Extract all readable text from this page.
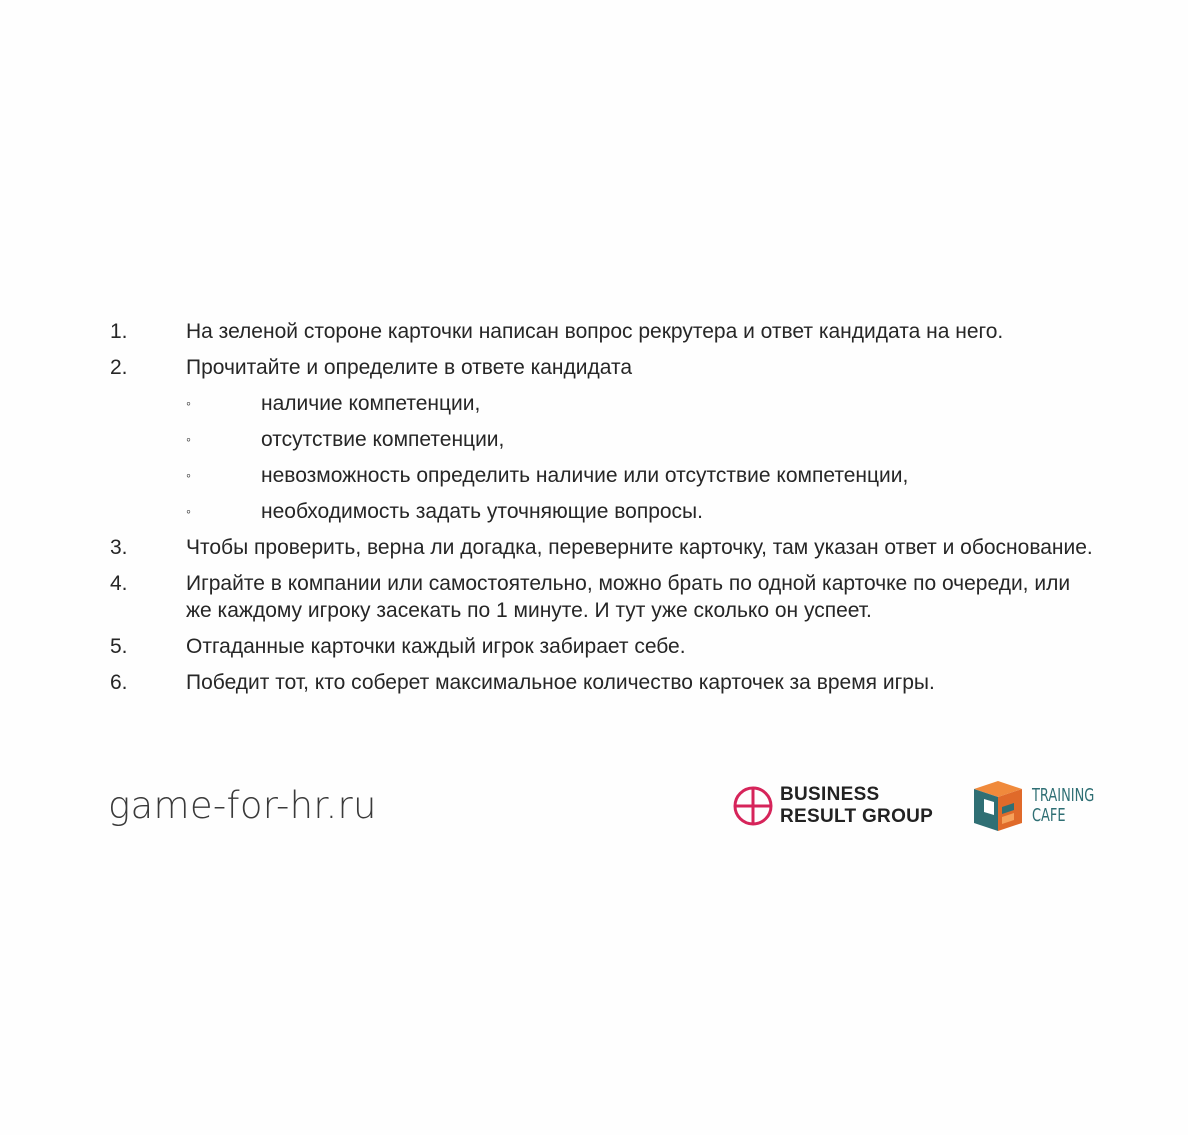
1.	На зеленой стороне карточки написан вопрос рекрутера и ответ кандидата на него.
2.	Прочитайте и определите в ответе кандидата
◦	наличие компетенции,
◦	отсутствие компетенции,
◦	невозможность определить наличие или отсутствие компетенции,
◦	необходимость задать уточняющие вопросы.
3.	Чтобы проверить, верна ли догадка, переверните карточку, там указан ответ и обоснование.
4.	Играйте в компании или самостоятельно, можно брать по одной карточке по очереди, или же каждому игроку засекать по 1 минуте. И тут уже сколько он успеет.
5.	Отгаданные карточки каждый игрок забирает себе.
6.	Победит тот, кто соберет максимальное количество карточек за время игры.
game-for-hr.ru	BUSINESS
RESULT GROUP
TRAINING
CAFE
